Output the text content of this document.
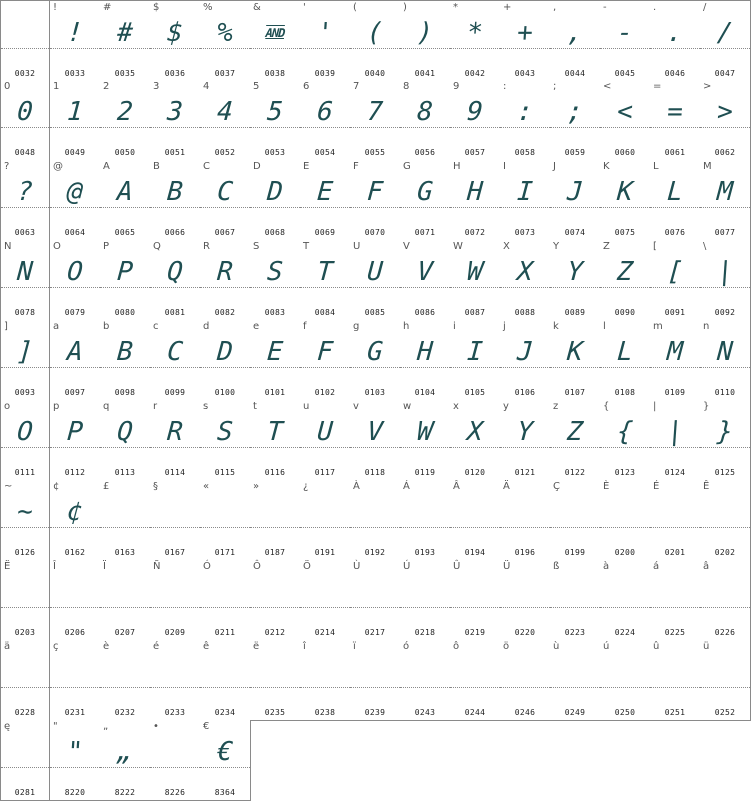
0032
!
!
0033
#
#
0035
$
$
0036
%
%
0037
&
AND
0038
'
'
0039
(
(
0040
)
)
0041
*
*
0042
+
+
0043
,
,
0044
-
-
0045
.
.
0046
/
/
0047
0
0
0048
1
1
0049
2
2
0050
3
3
0051
4
4
0052
5
5
0053
6
6
0054
7
7
0055
8
8
0056
9
9
0057
:
:
0058
;
;
0059
<
<
0060
=
=
0061
>
>
0062
?
?
0063
@
@
0064
A
A
0065
B
B
0066
C
C
0067
D
D
0068
E
E
0069
F
F
0070
G
G
0071
H
H
0072
I
I
0073
J
J
0074
K
K
0075
L
L
0076
M
M
0077
N
N
0078
O
O
0079
P
P
0080
Q
Q
0081
R
R
0082
S
S
0083
T
T
0084
U
U
0085
V
V
0086
W
W
0087
X
X
0088
Y
Y
0089
Z
Z
0090
[
[
0091
\
|
0092
]
]
0093
a
A
0097
b
B
0098
c
C
0099
d
D
0100
e
E
0101
f
F
0102
g
G
0103
h
H
0104
i
I
0105
j
J
0106
k
K
0107
l
L
0108
m
M
0109
n
N
0110
o
O
0111
p
P
0112
q
Q
0113
r
R
0114
s
S
0115
t
T
0116
u
U
0117
v
V
0118
w
W
0119
x
X
0120
y
Y
0121
z
Z
0122
{
{
0123
|
|
0124
}
}
0125
~
~
0126
¢
¢
0162
£
0163
§
0167
«
0171
»
0187
¿
0191
À
0192
Á
0193
Â
0194
Ä
0196
Ç
0199
È
0200
É
0201
Ê
0202
Ë
0203
Î
0206
Ï
0207
Ñ
0209
Ó
0211
Ô
0212
Ö
0214
Ù
0217
Ú
0218
Û
0219
Ü
0220
ß
0223
à
0224
á
0225
â
0226
ä
0228
ç
0231
è
0232
é
0233
ê
0234
ë
0235
î
0238
ï
0239
ó
0243
ô
0244
ö
0246
ù
0249
ú
0250
û
0251
ü
0252
ę
0281
"
"
8220
„
„
8222
•
8226
€
€
8364
